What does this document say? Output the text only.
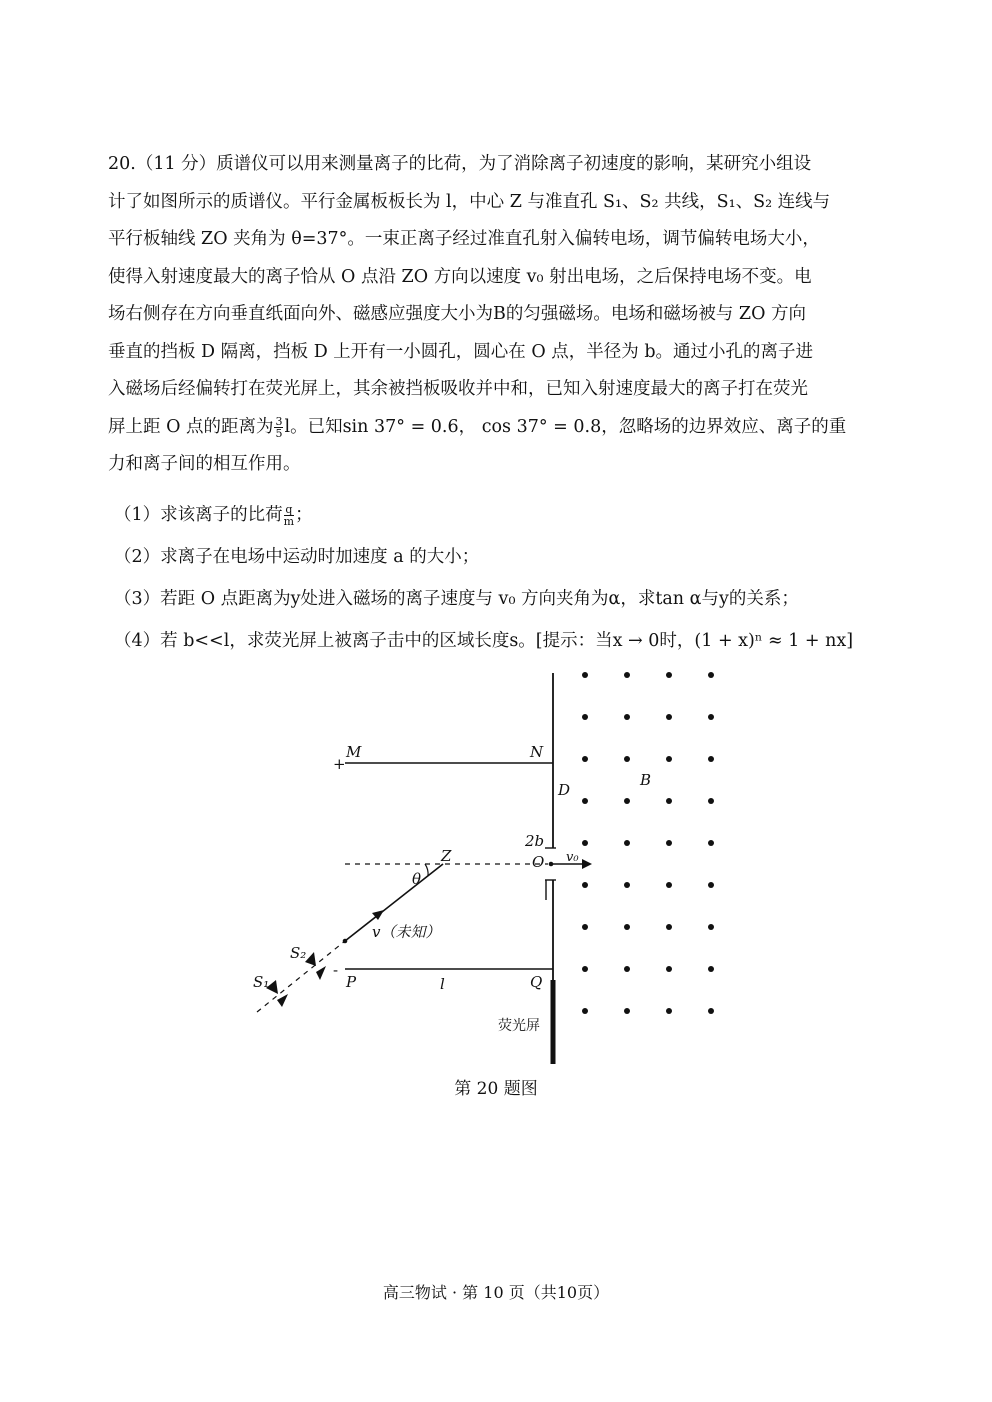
20.（11 分）质谱仪可以用来测量离子的比荷，为了消除离子初速度的影响，某研究小组设

计了如图所示的质谱仪。平行金属板板长为 l，中心 Z 与准直孔 S₁、S₂ 共线，S₁、S₂ 连线与

平行板轴线 ZO 夹角为 θ=37°。一束正离子经过准直孔射入偏转电场，调节偏转电场大小，

使得入射速度最大的离子恰从 O 点沿 ZO 方向以速度 v₀ 射出电场，之后保持电场不变。电

场右侧存在方向垂直纸面向外、磁感应强度大小为B的匀强磁场。电场和磁场被与 ZO 方向

垂直的挡板 D 隔离，挡板 D 上开有一小圆孔，圆心在 O 点，半径为 b。通过小孔的离子进

入磁场后经偏转打在荧光屏上，其余被挡板吸收并中和，已知入射速度最大的离子打在荧光

屏上距 O 点的距离为 $\frac{3}{5}$ l。已知sin 37° = 0.6， cos 37° = 0.8，忽略场的边界效应、离子的重

力和离子间的相互作用。

（1）求该离子的比荷 $\frac{q}{m}$ ；
（2）求离子在电场中运动时加速度 a 的大小；
（3）若距 O 点距离为y处进入磁场的离子速度与 v₀ 方向夹角为α，求tan α与y的关系；
（4）若 b<<l，求荧光屏上被离子击中的区域长度s。[提示：当x → 0时，(1 + x)ⁿ ≈ 1 + nx]
+
M	N
D
B
2b
Z	O v₀
θ
v（未知）
S₂
S₁
-
P	l	Q
荧光屏
第 20 题图
高三物试 · 第 10 页（共10页）
